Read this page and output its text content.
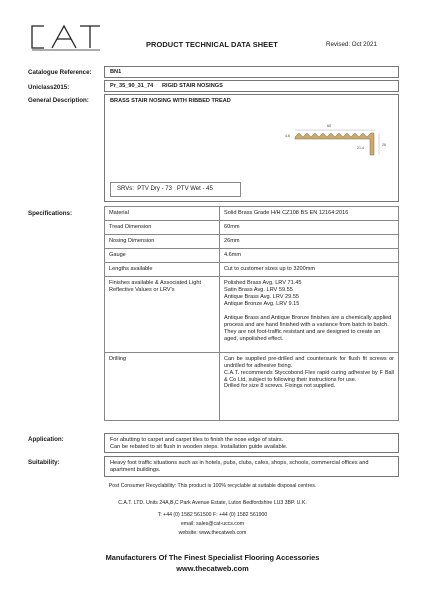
PRODUCT TECHNICAL DATA SHEET	Revised: Oct 2021
Catalogue Reference:	BN1
Uniclass2015:	Pr_35_90_31_74 RIGID STAIR NOSINGS
General Description:	BRASS STAIR NOSING WITH RIBBED TREAD
60
4.6
21.4
26
SRVs:  PTV Dry - 73   PTV Wet - 45
Specifications:	Material	Solid Brass Grade H/H CZ108 BS EN 12164:2016
Tread Dimension	60mm
Nosing Dimension	26mm
Gauge	4.6mm
Lengths available	Cut to customer sizes up to 3200mm
Finishes available & Associated Light Reflective Values or LRV's	Polished Brass Avg. LRV 71.45
Satin Brass Avg. LRV 59.55
Antique Brass Avg. LRV 29.55
Antique Bronze Avg. LRV 9.15
Antique Brass and Antique Bronze finishes are a chemically applied process and are hand finished with a variance from batch to batch. They are not foot-traffic resistant and are designed to create an aged, unpolished effect.

Drilling	Can be supplied pre-drilled and countersunk for flush fit screws or undrilled for adhesive fixing.
C.A.T. recommends Styccobond Flex rapid curing adhesive by F Ball & Co Ltd, subject to following their instructions for use.
Drilled for size 8 screws. Fixings not supplied.
Application:	For abutting to carpet and carpet tiles to finish the nose edge of stairs.
Can be rebated to sit flush in wooden steps. Installation guide available.
Suitability:	Heavy foot traffic situations such as in hotels, pubs, clubs, cafes, shops, schools, commercial offices and apartment buildings.
Post Consumer Recyclability: This product is 100% recyclable at suitable disposal centres.
C.A.T. LTD. Units 24A,B,C Park Avenue Estate, Luton Bedfordshire LU3 3BP. U.K.
T: +44 (0) 1582 561500 F: +44 (0) 1582 561900
email: sales@cat-uccs.com
website: www.thecatweb.com
Manufacturers Of The Finest Specialist Flooring Accessories
www.thecatweb.com
